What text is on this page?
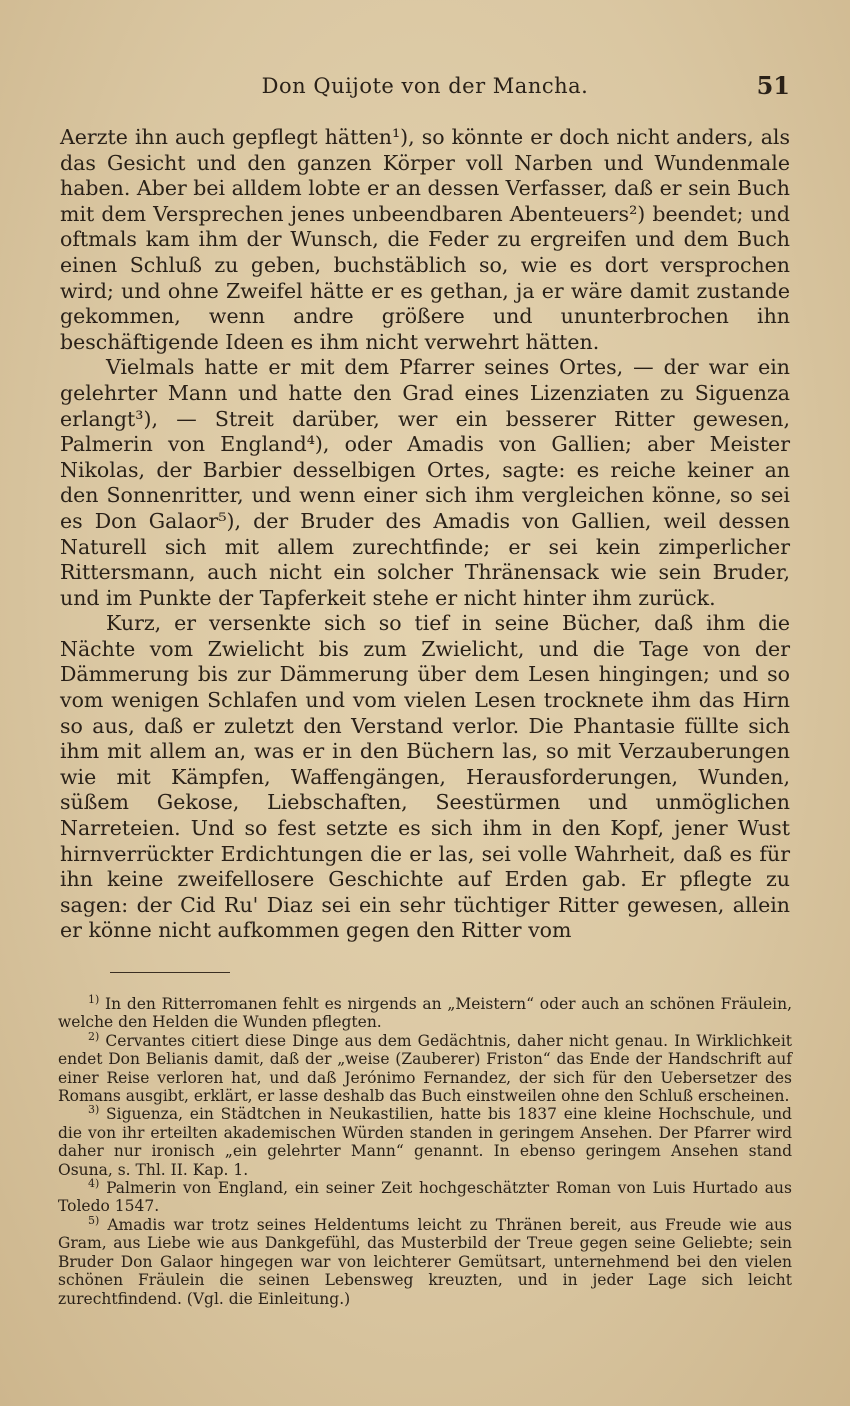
Don Quijote von der Mancha.	51

Aerzte ihn auch gepflegt hätten¹), so könnte er doch nicht anders, als das Gesicht und den ganzen Körper voll Narben und Wundenmale haben. Aber bei alldem lobte er an dessen Verfasser, daß er sein Buch mit dem Versprechen jenes unbeendbaren Abenteuers²) beendet; und oftmals kam ihm der Wunsch, die Feder zu ergreifen und dem Buch einen Schluß zu geben, buchstäblich so, wie es dort versprochen wird; und ohne Zweifel hätte er es gethan, ja er wäre damit zustande gekommen, wenn andre größere und ununterbrochen ihn beschäftigende Ideen es ihm nicht verwehrt hätten.

Vielmals hatte er mit dem Pfarrer seines Ortes, — der war ein gelehrter Mann und hatte den Grad eines Lizenziaten zu Siguenza erlangt³), — Streit darüber, wer ein besserer Ritter gewesen, Palmerin von England⁴), oder Amadis von Gallien; aber Meister Nikolas, der Barbier desselbigen Ortes, sagte: es reiche keiner an den Sonnenritter, und wenn einer sich ihm vergleichen könne, so sei es Don Galaor⁵), der Bruder des Amadis von Gallien, weil dessen Naturell sich mit allem zurechtfinde; er sei kein zimperlicher Rittersmann, auch nicht ein solcher Thränensack wie sein Bruder, und im Punkte der Tapferkeit stehe er nicht hinter ihm zurück.

Kurz, er versenkte sich so tief in seine Bücher, daß ihm die Nächte vom Zwielicht bis zum Zwielicht, und die Tage von der Dämmerung bis zur Dämmerung über dem Lesen hingingen; und so vom wenigen Schlafen und vom vielen Lesen trocknete ihm das Hirn so aus, daß er zuletzt den Verstand verlor. Die Phantasie füllte sich ihm mit allem an, was er in den Büchern las, so mit Verzauberungen wie mit Kämpfen, Waffengängen, Herausforderungen, Wunden, süßem Gekose, Liebschaften, Seestürmen und unmöglichen Narreteien. Und so fest setzte es sich ihm in den Kopf, jener Wust hirnverrückter Erdichtungen die er las, sei volle Wahrheit, daß es für ihn keine zweifellosere Geschichte auf Erden gab. Er pflegte zu sagen: der Cid Ru' Diaz sei ein sehr tüchtiger Ritter gewesen, allein er könne nicht aufkommen gegen den Ritter vom

$^{1)}$ In den Ritterromanen fehlt es nirgends an „Meistern“ oder auch an schönen Fräulein, welche den Helden die Wunden pflegten.

$^{2)}$ Cervantes citiert diese Dinge aus dem Gedächtnis, daher nicht genau. In Wirklichkeit endet Don Belianis damit, daß der „weise (Zauberer) Friston“ das Ende der Handschrift auf einer Reise verloren hat, und daß Jerónimo Fernandez, der sich für den Uebersetzer des Romans ausgibt, erklärt, er lasse deshalb das Buch einstweilen ohne den Schluß erscheinen.

$^{3)}$ Siguenza, ein Städtchen in Neukastilien, hatte bis 1837 eine kleine Hochschule, und die von ihr erteilten akademischen Würden standen in geringem Ansehen. Der Pfarrer wird daher nur ironisch „ein gelehrter Mann“ genannt. In ebenso geringem Ansehen stand Osuna, s. Thl. II. Kap. 1.

$^{4)}$ Palmerin von England, ein seiner Zeit hochgeschätzter Roman von Luis Hurtado aus Toledo 1547.

$^{5)}$ Amadis war trotz seines Heldentums leicht zu Thränen bereit, aus Freude wie aus Gram, aus Liebe wie aus Dankgefühl, das Musterbild der Treue gegen seine Geliebte; sein Bruder Don Galaor hingegen war von leichterer Gemütsart, unternehmend bei den vielen schönen Fräulein die seinen Lebensweg kreuzten, und in jeder Lage sich leicht zurechtfindend. (Vgl. die Einleitung.)
